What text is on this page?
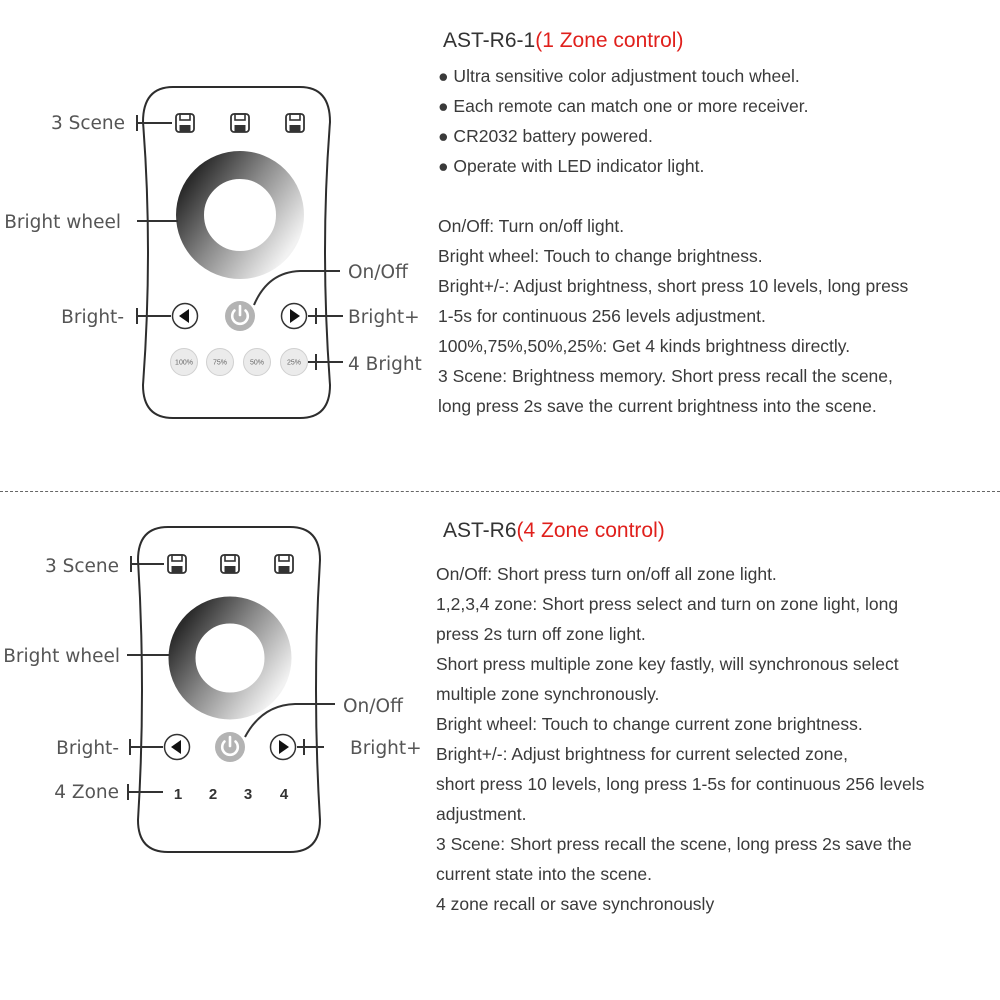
AST-R6-1(1 Zone control)
● Ultra sensitive color adjustment touch wheel.
● Each remote can match one or more receiver.
● CR2032 battery powered.
● Operate with LED indicator light.
On/Off: Turn on/off light.
Bright wheel: Touch to change brightness.
Bright+/-: Adjust brightness, short press 10 levels, long press
1-5s for continuous 256 levels adjustment.
100%,75%,50%,25%: Get 4 kinds brightness directly.
3 Scene: Brightness memory. Short press recall the scene,
long press 2s save the current brightness into the scene.
AST-R6(4 Zone control)
On/Off: Short press turn on/off all zone light.
1,2,3,4 zone: Short press select and turn on zone light, long
press 2s turn off zone light.
Short press multiple zone key fastly, will synchronous select
multiple zone synchronously.
Bright wheel: Touch to change current zone brightness.
Bright+/-: Adjust brightness for current selected zone,
short press 10 levels, long press 1-5s for continuous 256 levels
adjustment.
3 Scene: Short press recall the scene, long press 2s save the
current state into the scene.
4 zone recall or save synchronously
100%	75%	50%	25%
3 Scene
Bright wheel
On/Off
Bright-	Bright+
4 Bright
1 2 3 4
3 Scene
Bright wheel
On/Off
Bright-	Bright+
4 Zone
